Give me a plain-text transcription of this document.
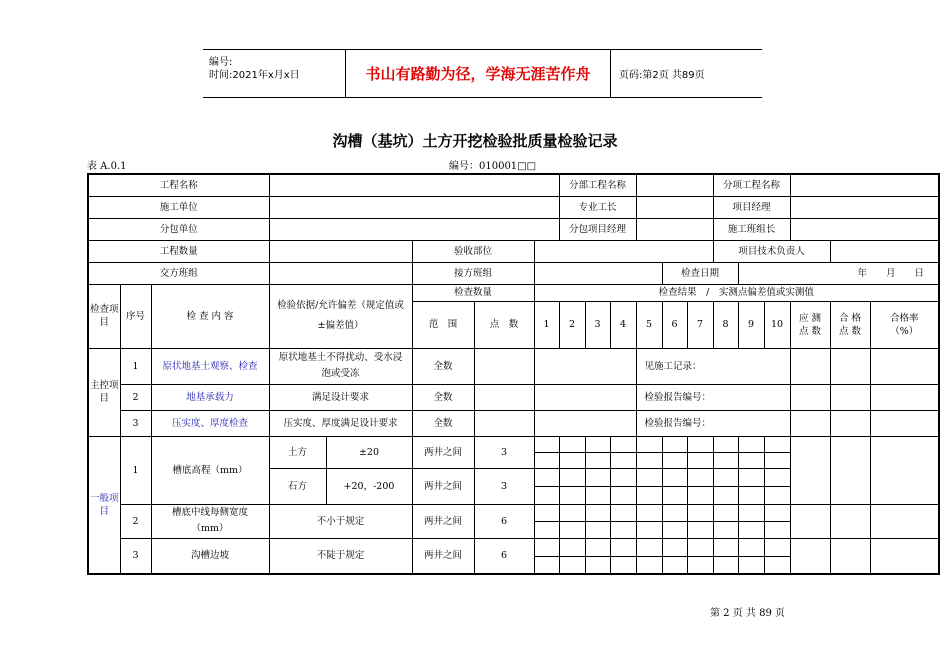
编号:
时间:2021年x月x日	书山有路勤为径，学海无涯苦作舟	页码:第2页 共89页
沟槽（基坑）土方开挖检验批质量检验记录
表 A.0.1	编号：010001□□
工程名称								分部工程名称						分项工程名称					
施工单位								专业工长						项目经理					
分包单位								分包项目经理						施工班组长					
工程数量					验收部位									项目技术负责人					
交方班组					接方班组							检查日期			年　　月　　日				
检查项目	序号	检 查 内 容	检验依据/允许偏差（规定值或±偏差值）		检查数量		检查结果　/　实测点偏差值或实测值												
					范　围	点　数	1	2	3	4	5	6	7	8	9	10	应 测点 数	合 格点 数	合格率（%）
主控项目	1	原状地基土观察、检查	原状地基土不得扰动、受水浸泡或受冻		全数						见施工记录：								
	2	地基承载力	满足设计要求		全数						检验报告编号：								
	3	压实度、厚度检查	压实度、厚度满足设计要求		全数						检验报告编号：								
一般项目	1	槽底高程（mm）	土方	±20	两井之间	3													

			石方	+20，-200	两井之间	3													

	2	槽底中线每侧宽度（mm）	不小于规定		两井之间	6													

	3	沟槽边坡	不陡于规定		两井之间	6													

第 2 页 共 89 页
